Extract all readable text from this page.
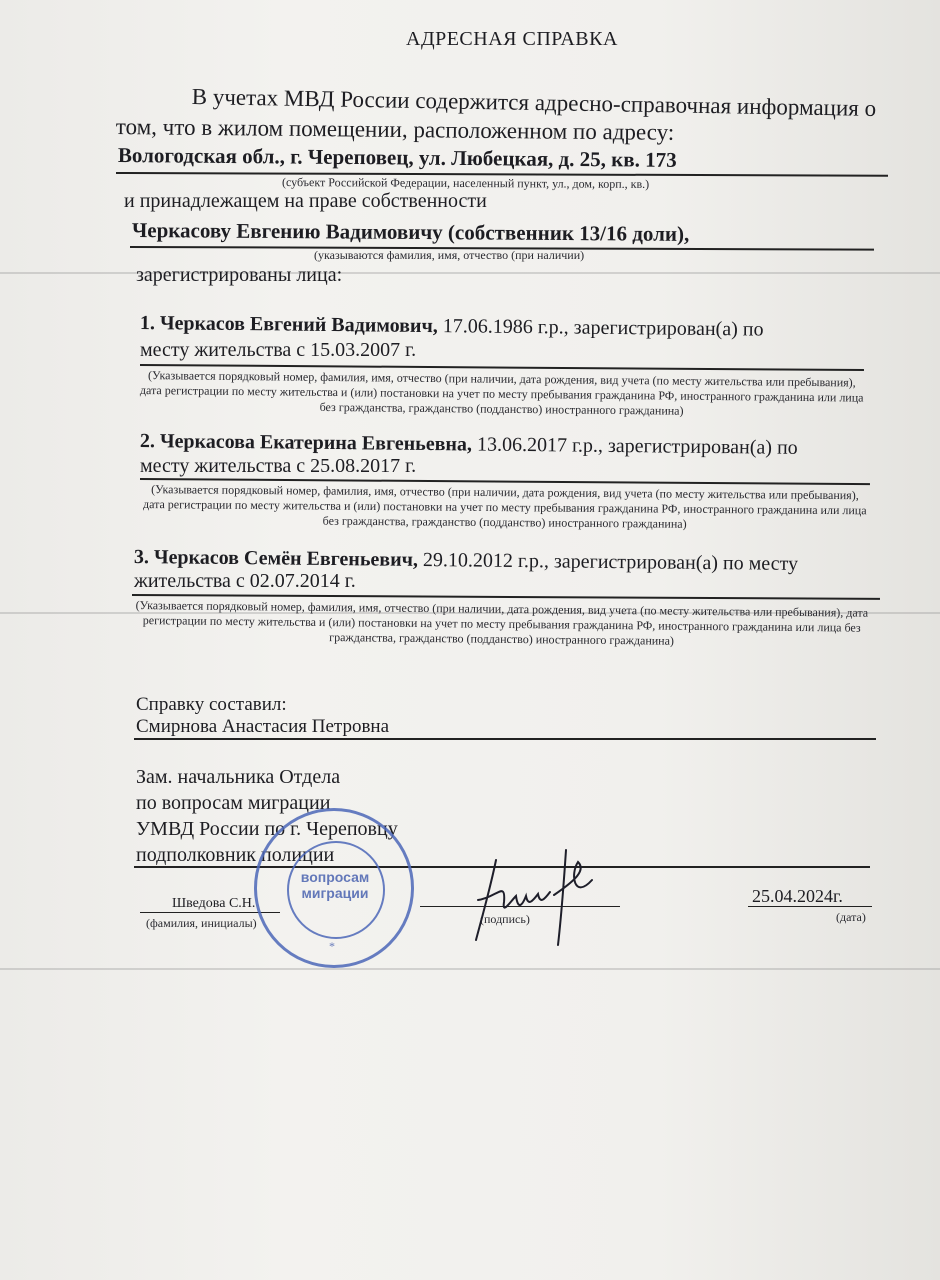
АДРЕСНАЯ СПРАВКА
В учетах МВД России содержится адресно-справочная информация о
том, что в жилом помещении, расположенном по адресу:
Вологодская обл., г. Череповец, ул. Любецкая, д. 25, кв. 173
(субъект Российской Федерации, населенный пункт, ул., дом, корп., кв.)
и принадлежащем на праве собственности
Черкасову Евгению Вадимовичу (собственник 13/16 доли),
(указываются фамилия, имя, отчество (при наличии)
зарегистрированы лица:
1. Черкасов Евгений Вадимович, 17.06.1986 г.р., зарегистрирован(а) по
месту жительства с 15.03.2007 г.
(Указывается порядковый номер, фамилия, имя, отчество (при наличии, дата рождения, вид учета (по месту жительства или пребывания), дата регистрации по месту жительства и (или) постановки на учет по месту пребывания гражданина РФ, иностранного гражданина или лица без гражданства, гражданство (подданство) иностранного гражданина)
2. Черкасова Екатерина Евгеньевна, 13.06.2017 г.р., зарегистрирован(а) по
месту жительства с 25.08.2017 г.
(Указывается порядковый номер, фамилия, имя, отчество (при наличии, дата рождения, вид учета (по месту жительства или пребывания), дата регистрации по месту жительства и (или) постановки на учет по месту пребывания гражданина РФ, иностранного гражданина или лица без гражданства, гражданство (подданство) иностранного гражданина)
3. Черкасов Семён Евгеньевич, 29.10.2012 г.р., зарегистрирован(а) по месту
жительства с 02.07.2014 г.
(Указывается порядковый номер, фамилия, имя, отчество (при наличии, дата рождения, вид учета (по месту жительства или пребывания), дата регистрации по месту жительства и (или) постановки на учет по месту пребывания гражданина РФ, иностранного гражданина или лица без гражданства, гражданство (подданство) иностранного гражданина)
Справку составил:
Смирнова Анастасия Петровна
Зам. начальника Отдела
по вопросам миграции
УМВД России по г. Череповцу
подполковник полиции
Шведова С.Н.
(фамилия, инициалы)	(подпись)
25.04.2024г.
(дата)
вопросам миграции
*
